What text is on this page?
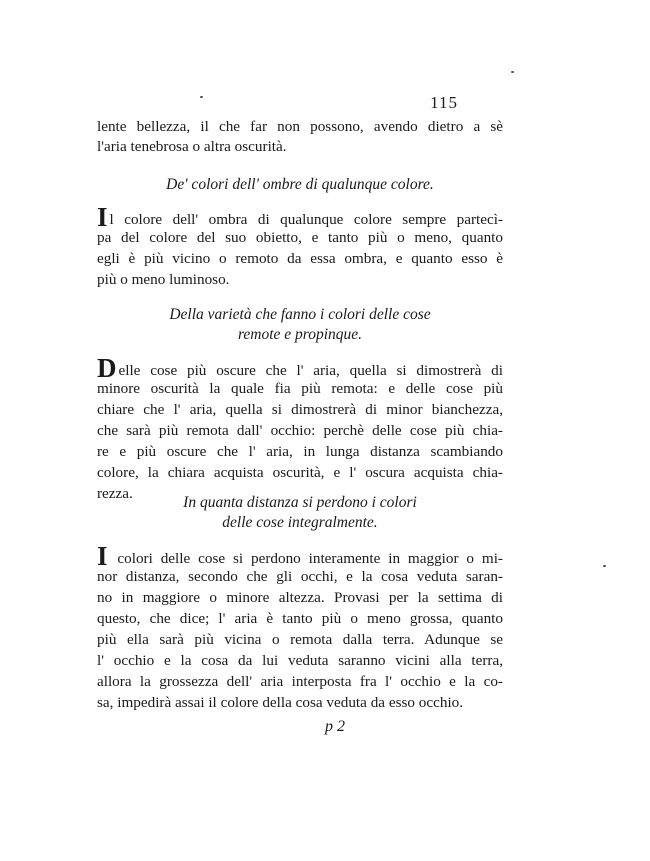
115
lente bellezza, il che far non possono, avendo dietro a sè
l'aria tenebrosa o altra oscurità.
De' colori dell' ombre di qualunque colore.
Il colore dell' ombra di qualunque colore sempre partecì-
pa del colore del suo obietto, e tanto più o meno, quanto
egli è più vicino o remoto da essa ombra, e quanto esso è
più o meno luminoso.
Della varietà che fanno i colori delle cose
remote e propinque.
Delle cose più oscure che l' aria, quella si dimostrerà di
minore oscurità la quale fia più remota: e delle cose più
chiare che l' aria, quella si dimostrerà di minor bianchezza,
che sarà più remota dall' occhio: perchè delle cose più chia-
re e più oscure che l' aria, in lunga distanza scambiando
colore, la chiara acquista oscurità, e l' oscura acquista chia-
rezza.
In quanta distanza si perdono i colori
delle cose integralmente.
I colori delle cose si perdono interamente in maggior o mi-
nor distanza, secondo che gli occhi, e la cosa veduta saran-
no in maggiore o minore altezza. Provasi per la settima di
questo, che dice; l' aria è tanto più o meno grossa, quanto
più ella sarà più vicina o remota dalla terra. Adunque se
l' occhio e la cosa da lui veduta saranno vicini alla terra,
allora la grossezza dell' aria interposta fra l' occhio e la co-
sa, impedirà assai il colore della cosa veduta da esso occhio.
p 2
